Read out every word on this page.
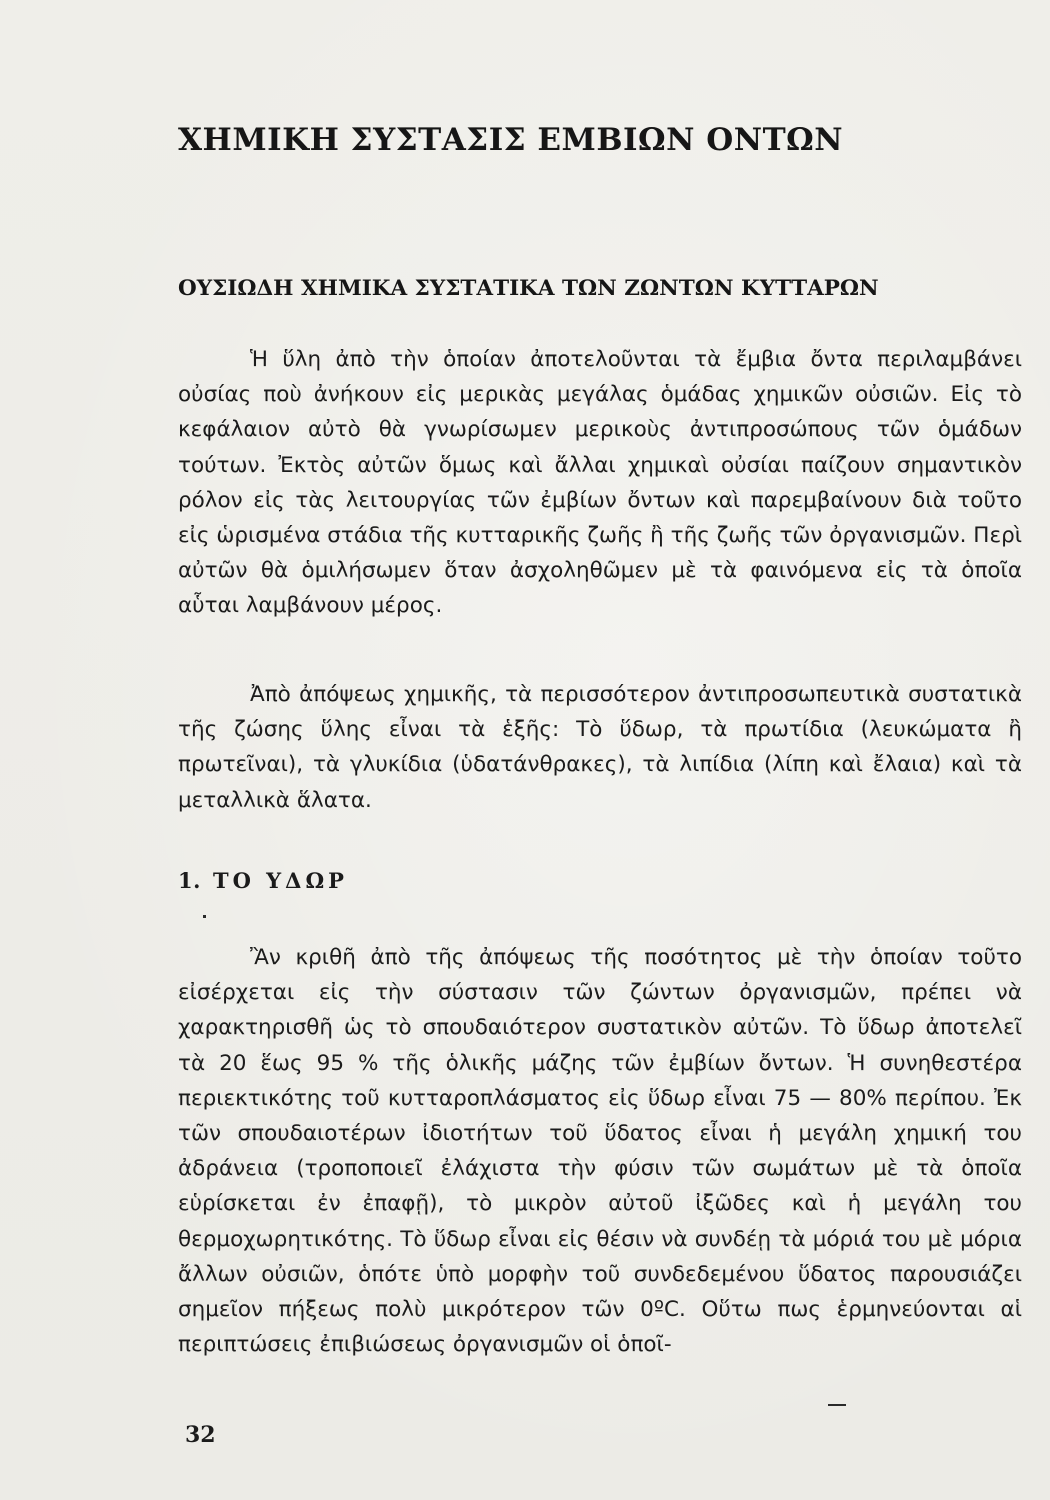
ΧΗΜΙΚΗ ΣΥΣΤΑΣΙΣ ΕΜΒΙΩΝ ΟΝΤΩΝ
ΟΥΣΙΩΔΗ ΧΗΜΙΚΑ ΣΥΣΤΑΤΙΚΑ ΤΩΝ ΖΩΝΤΩΝ ΚΥΤΤΑΡΩΝ

Ἡ ὕλη ἀπὸ τὴν ὁποίαν ἀποτελοῦνται τὰ ἔμβια ὄντα περιλαμβάνει οὐσίας ποὺ ἀνήκουν εἰς μερικὰς μεγάλας ὁμάδας χημικῶν οὐσιῶν. Εἰς τὸ κεφάλαιον αὐτὸ θὰ γνωρίσωμεν μερικοὺς ἀντιπροσώπους τῶν ὁμάδων τούτων. Ἐκτὸς αὐτῶν ὅμως καὶ ἄλλαι χημικαὶ οὐσίαι παίζουν σημαντικὸν ρόλον εἰς τὰς λειτουργίας τῶν ἐμβίων ὄντων καὶ παρεμβαίνουν διὰ τοῦτο εἰς ὡρισμένα στάδια τῆς κυτταρικῆς ζωῆς ἢ τῆς ζωῆς τῶν ὀργανισμῶν. Περὶ αὐτῶν θὰ ὁμιλήσωμεν ὅταν ἀσχοληθῶμεν μὲ τὰ φαινόμενα εἰς τὰ ὁποῖα αὗται λαμβάνουν μέρος.

Ἀπὸ ἀπόψεως χημικῆς, τὰ περισσότερον ἀντιπροσωπευτικὰ συστατικὰ τῆς ζώσης ὕλης εἶναι τὰ ἑξῆς: Τὸ ὕδωρ, τὰ πρωτίδια (λευκώματα ἢ πρωτεῖναι), τὰ γλυκίδια (ὑδατάνθρακες), τὰ λιπίδια (λίπη καὶ ἔλαια) καὶ τὰ μεταλλικὰ ἅλατα.

1. ΤΟ ΥΔΩΡ

Ἂν κριθῆ ἀπὸ τῆς ἀπόψεως τῆς ποσότητος μὲ τὴν ὁποίαν τοῦτο εἰσέρχεται εἰς τὴν σύστασιν τῶν ζώντων ὀργανισμῶν, πρέπει νὰ χαρακτηρισθῆ ὡς τὸ σπουδαιότερον συστατικὸν αὐτῶν. Τὸ ὕδωρ ἀποτελεῖ τὰ 20 ἕως 95 % τῆς ὁλικῆς μάζης τῶν ἐμβίων ὄντων. Ἡ συνηθεστέρα περιεκτικότης τοῦ κυτταροπλάσματος εἰς ὕδωρ εἶναι 75 — 80% περίπου. Ἐκ τῶν σπουδαιοτέρων ἰδιοτήτων τοῦ ὕδατος εἶναι ἡ μεγάλη χημική του ἀδράνεια (τροποποιεῖ ἐλάχιστα τὴν φύσιν τῶν σωμάτων μὲ τὰ ὁποῖα εὑρίσκεται ἐν ἐπαφῇ), τὸ μικρὸν αὐτοῦ ἰξῶδες καὶ ἡ μεγάλη του θερμοχωρητικότης. Τὸ ὕδωρ εἶναι εἰς θέσιν νὰ συνδέῃ τὰ μόριά του μὲ μόρια ἄλλων οὐσιῶν, ὁπότε ὑπὸ μορφὴν τοῦ συνδεδεμένου ὕδατος παρουσιάζει σημεῖον πήξεως πολὺ μικρότερον τῶν 0ºC. Οὕτω πως ἑρμηνεύονται αἱ περιπτώσεις ἐπιβιώσεως ὀργανισμῶν οἱ ὁποῖ-

32
